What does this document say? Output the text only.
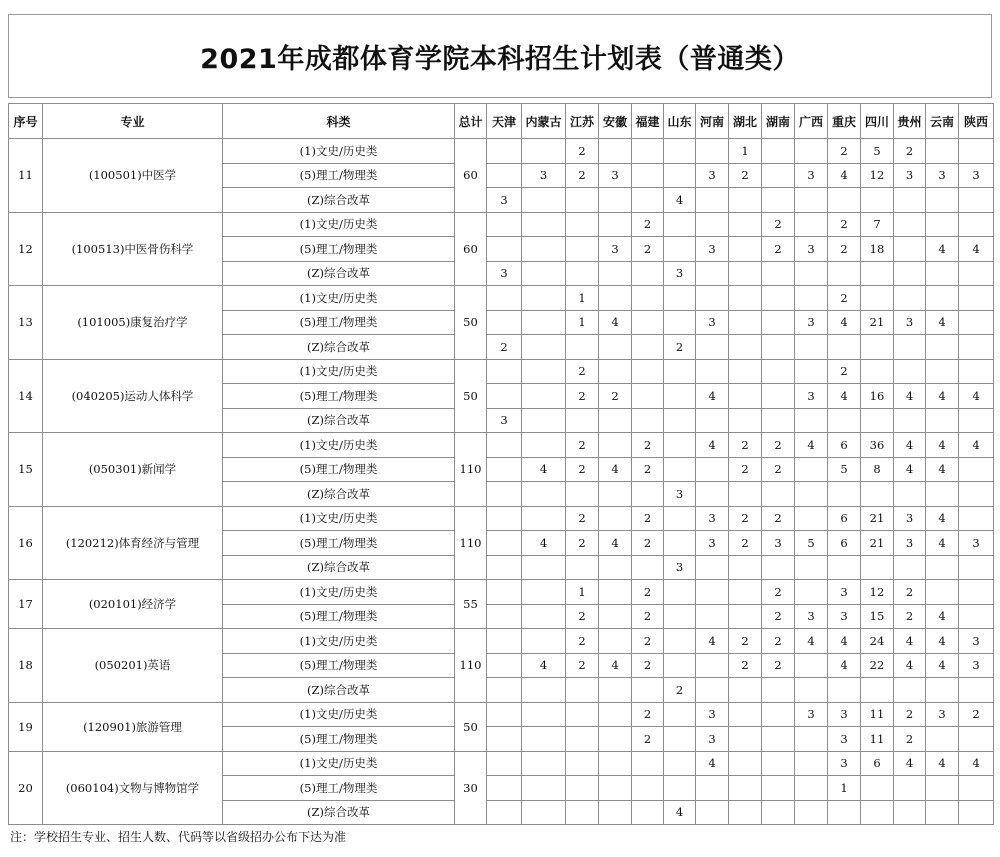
2021年成都体育学院本科招生计划表（普通类）
序号	专业	科类	总计	天津	内蒙古	江苏	安徽	福建	山东	河南	湖北	湖南	广西	重庆	四川	贵州	云南	陕西
11	(100501)中医学	(1)文史/历史类	60			2					1			2	5	2		
		(5)理工/物理类			3	2	3			3	2		3	4	12	3	3	3
		(Z)综合改革		3					4									
12	(100513)中医骨伤科学	(1)文史/历史类	60					2				2		2	7			
		(5)理工/物理类					3	2		3		2	3	2	18		4	4
		(Z)综合改革		3					3									
13	(101005)康复治疗学	(1)文史/历史类	50			1								2				
		(5)理工/物理类				1	4			3			3	4	21	3	4	
		(Z)综合改革		2					2									
14	(040205)运动人体科学	(1)文史/历史类	50			2								2				
		(5)理工/物理类				2	2			4			3	4	16	4	4	4
		(Z)综合改革		3														
15	(050301)新闻学	(1)文史/历史类	110			2		2		4	2	2	4	6	36	4	4	4
		(5)理工/物理类			4	2	4	2			2	2		5	8	4	4	
		(Z)综合改革							3									
16	(120212)体育经济与管理	(1)文史/历史类	110			2		2		3	2	2		6	21	3	4	
		(5)理工/物理类			4	2	4	2		3	2	3	5	6	21	3	4	3
		(Z)综合改革							3									
17	(020101)经济学	(1)文史/历史类	55			1		2				2		3	12	2		
		(5)理工/物理类				2		2				2	3	3	15	2	4	
18	(050201)英语	(1)文史/历史类	110			2		2		4	2	2	4	4	24	4	4	3
		(5)理工/物理类			4	2	4	2			2	2		4	22	4	4	3
		(Z)综合改革							2									
19	(120901)旅游管理	(1)文史/历史类	50					2		3			3	3	11	2	3	2
		(5)理工/物理类						2		3				3	11	2		
20	(060104)文物与博物馆学	(1)文史/历史类	30							4				3	6	4	4	4
		(5)理工/物理类												1				
		(Z)综合改革							4									
注：学校招生专业、招生人数、代码等以省级招办公布下达为准
